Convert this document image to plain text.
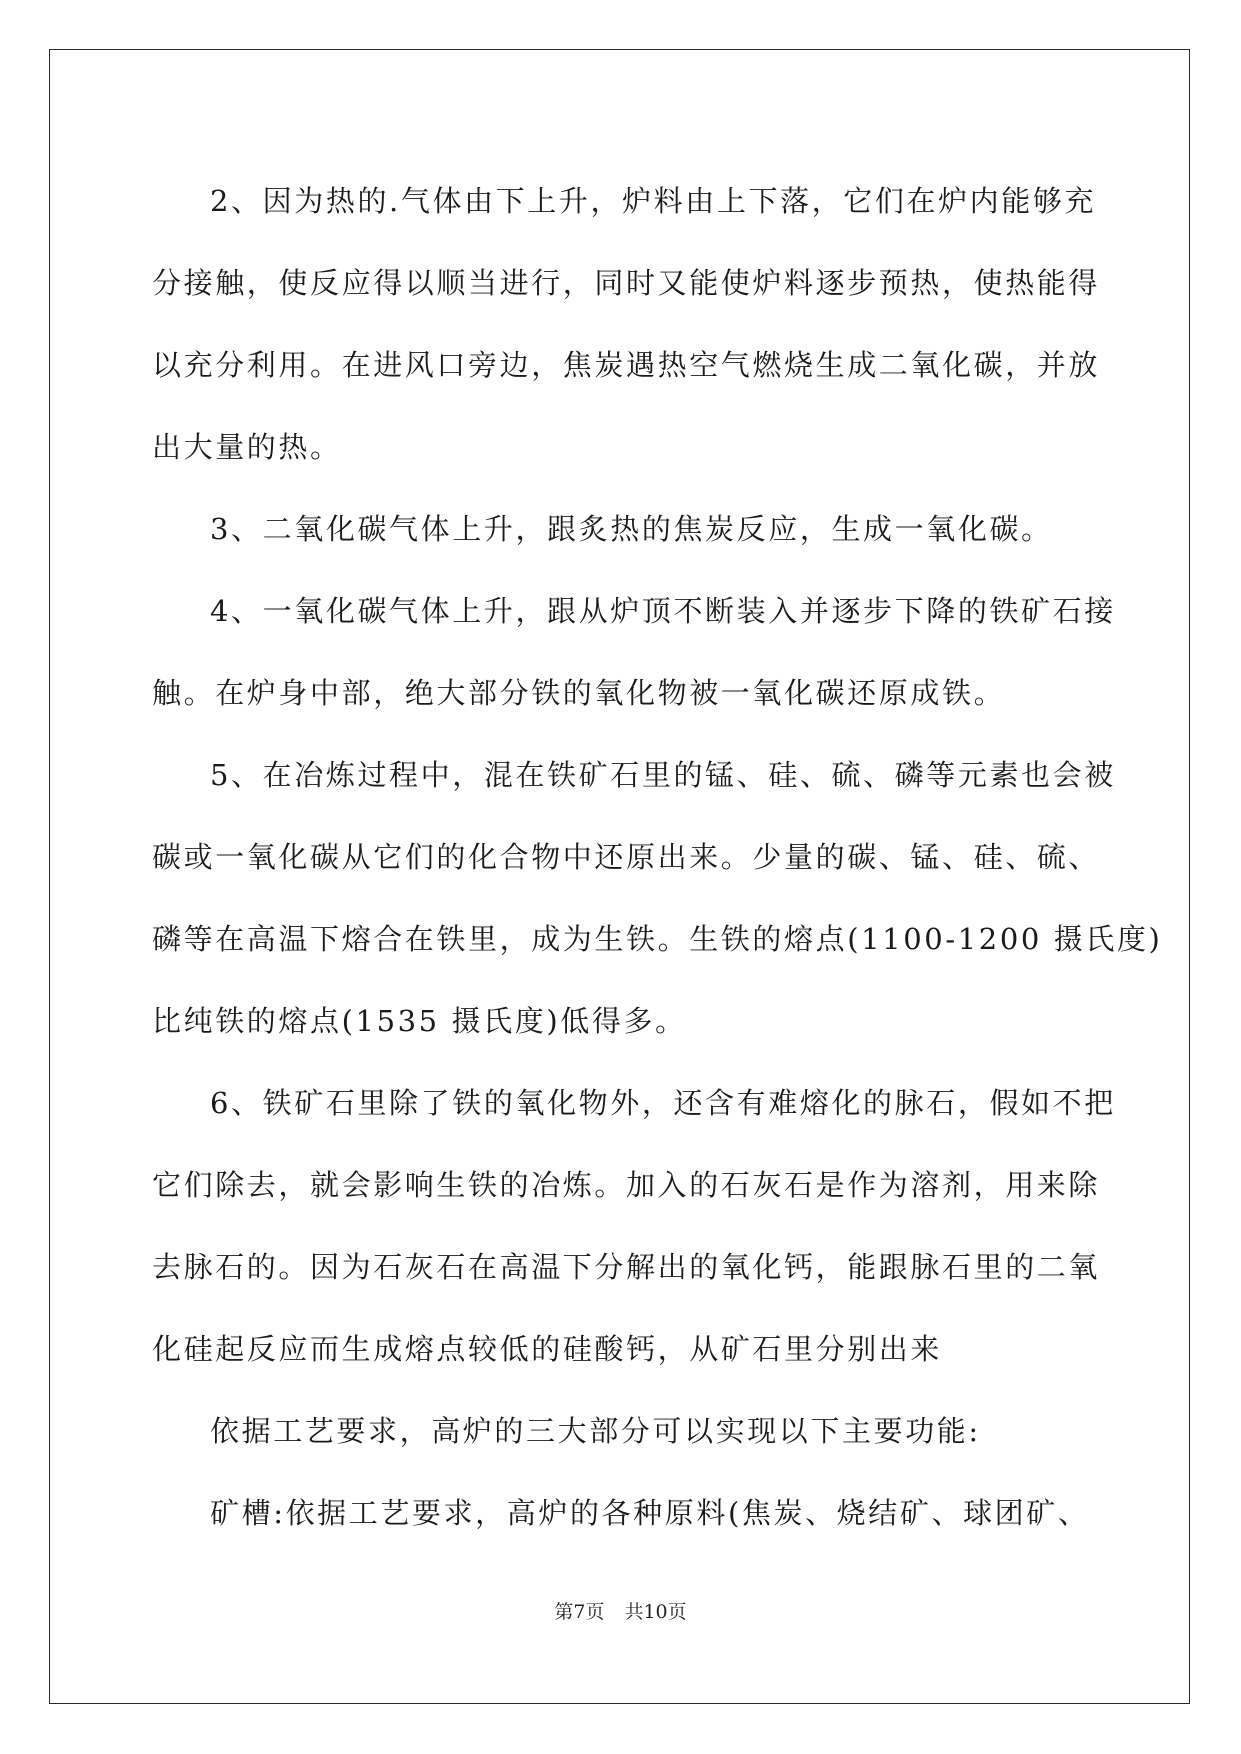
2、因为热的.气体由下上升，炉料由上下落，它们在炉内能够充
分接触，使反应得以顺当进行，同时又能使炉料逐步预热，使热能得
以充分利用。在进风口旁边，焦炭遇热空气燃烧生成二氧化碳，并放
出大量的热。
3、二氧化碳气体上升，跟炙热的焦炭反应，生成一氧化碳。
4、一氧化碳气体上升，跟从炉顶不断装入并逐步下降的铁矿石接
触。在炉身中部，绝大部分铁的氧化物被一氧化碳还原成铁。
5、在冶炼过程中，混在铁矿石里的锰、硅、硫、磷等元素也会被
碳或一氧化碳从它们的化合物中还原出来。少量的碳、锰、硅、硫、
磷等在高温下熔合在铁里，成为生铁。生铁的熔点(1100-1200 摄氏度)
比纯铁的熔点(1535 摄氏度)低得多。
6、铁矿石里除了铁的氧化物外，还含有难熔化的脉石，假如不把
它们除去，就会影响生铁的冶炼。加入的石灰石是作为溶剂，用来除
去脉石的。因为石灰石在高温下分解出的氧化钙，能跟脉石里的二氧
化硅起反应而生成熔点较低的硅酸钙，从矿石里分别出来
依据工艺要求，高炉的三大部分可以实现以下主要功能:
矿槽:依据工艺要求，高炉的各种原料(焦炭、烧结矿、球团矿、
第7页 共10页
